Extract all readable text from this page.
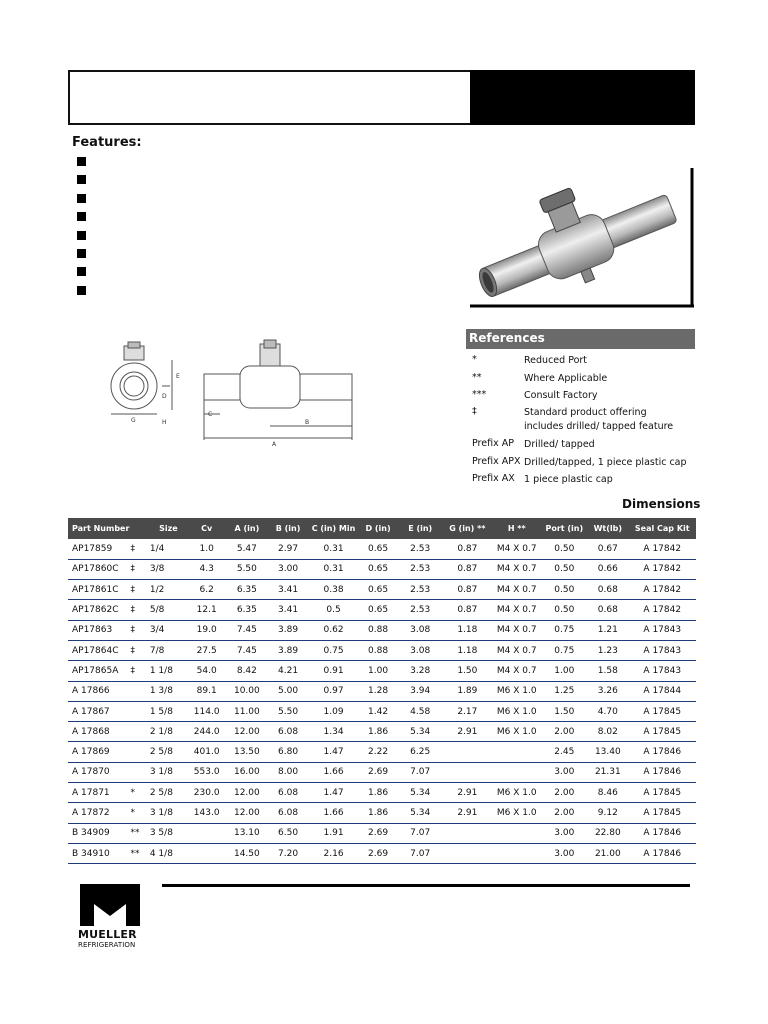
Features:
E
D
G	H
C
B
A
References
*	Reduced Port
**	Where Applicable
***	Consult Factory
‡	Standard product offering includes drilled/ tapped feature
Prefix AP Drilled/ tapped
Prefix APX Drilled/tapped, 1 piece plastic cap
Prefix AX 1 piece plastic cap
Dimensions
Part Number		Size	Cv	A (in)	B (in)	C (in) Min	D (in)	E (in)	G (in) **	H **	Port (in)	Wt(lb)	Seal Cap Kit
AP17859	‡	1/4	1.0	5.47	2.97	0.31	0.65	2.53	0.87	M4 X 0.7	0.50	0.67	A 17842
AP17860C	‡	3/8	4.3	5.50	3.00	0.31	0.65	2.53	0.87	M4 X 0.7	0.50	0.66	A 17842
AP17861C	‡	1/2	6.2	6.35	3.41	0.38	0.65	2.53	0.87	M4 X 0.7	0.50	0.68	A 17842
AP17862C	‡	5/8	12.1	6.35	3.41	0.5	0.65	2.53	0.87	M4 X 0.7	0.50	0.68	A 17842
AP17863	‡	3/4	19.0	7.45	3.89	0.62	0.88	3.08	1.18	M4 X 0.7	0.75	1.21	A 17843
AP17864C	‡	7/8	27.5	7.45	3.89	0.75	0.88	3.08	1.18	M4 X 0.7	0.75	1.23	A 17843
AP17865A	‡	1 1/8	54.0	8.42	4.21	0.91	1.00	3.28	1.50	M4 X 0.7	1.00	1.58	A 17843
A 17866		1 3/8	89.1	10.00	5.00	0.97	1.28	3.94	1.89	M6 X 1.0	1.25	3.26	A 17844
A 17867		1 5/8	114.0	11.00	5.50	1.09	1.42	4.58	2.17	M6 X 1.0	1.50	4.70	A 17845
A 17868		2 1/8	244.0	12.00	6.08	1.34	1.86	5.34	2.91	M6 X 1.0	2.00	8.02	A 17845
A 17869		2 5/8	401.0	13.50	6.80	1.47	2.22	6.25			2.45	13.40	A 17846
A 17870		3 1/8	553.0	16.00	8.00	1.66	2.69	7.07			3.00	21.31	A 17846
A 17871	*	2 5/8	230.0	12.00	6.08	1.47	1.86	5.34	2.91	M6 X 1.0	2.00	8.46	A 17845
A 17872	*	3 1/8	143.0	12.00	6.08	1.66	1.86	5.34	2.91	M6 X 1.0	2.00	9.12	A 17845
B 34909	**	3 5/8		13.10	6.50	1.91	2.69	7.07			3.00	22.80	A 17846
B 34910	**	4 1/8		14.50	7.20	2.16	2.69	7.07			3.00	21.00	A 17846
MUELLER
REFRIGERATION
